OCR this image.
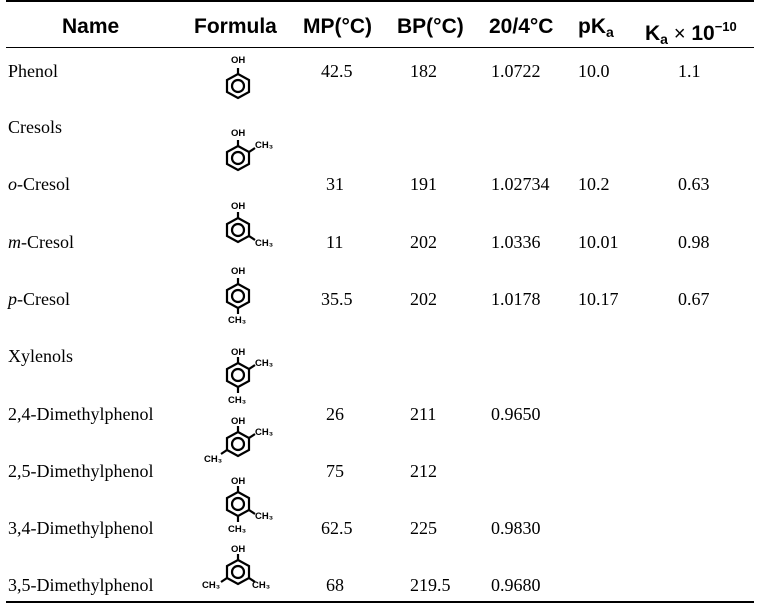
Name	Formula MP(°C) BP(°C) 20/4°C $pK_a$ $K_a \times 10^{-10}$
Phenol	42.5	182	1.0722 10.0	1.1
Cresols
o-Cresol	31	191	1.02734 10.2	0.63
m-Cresol	11	202	1.0336 10.01	0.98
p-Cresol	35.5	202	1.0178 10.17	0.67
Xylenols
2,4-Dimethylphenol	26	211	0.9650
2,5-Dimethylphenol	75	212
3,4-Dimethylphenol	62.5	225	0.9830
3,5-Dimethylphenol	68	219.5 0.9680
OH
OH
CH₃
OH
CH₃
OH
CH₃
OH
CH₃
CH₃
OH
CH₃
CH₃
OH
CH₃
CH₃
OH
CH₃	CH₃
